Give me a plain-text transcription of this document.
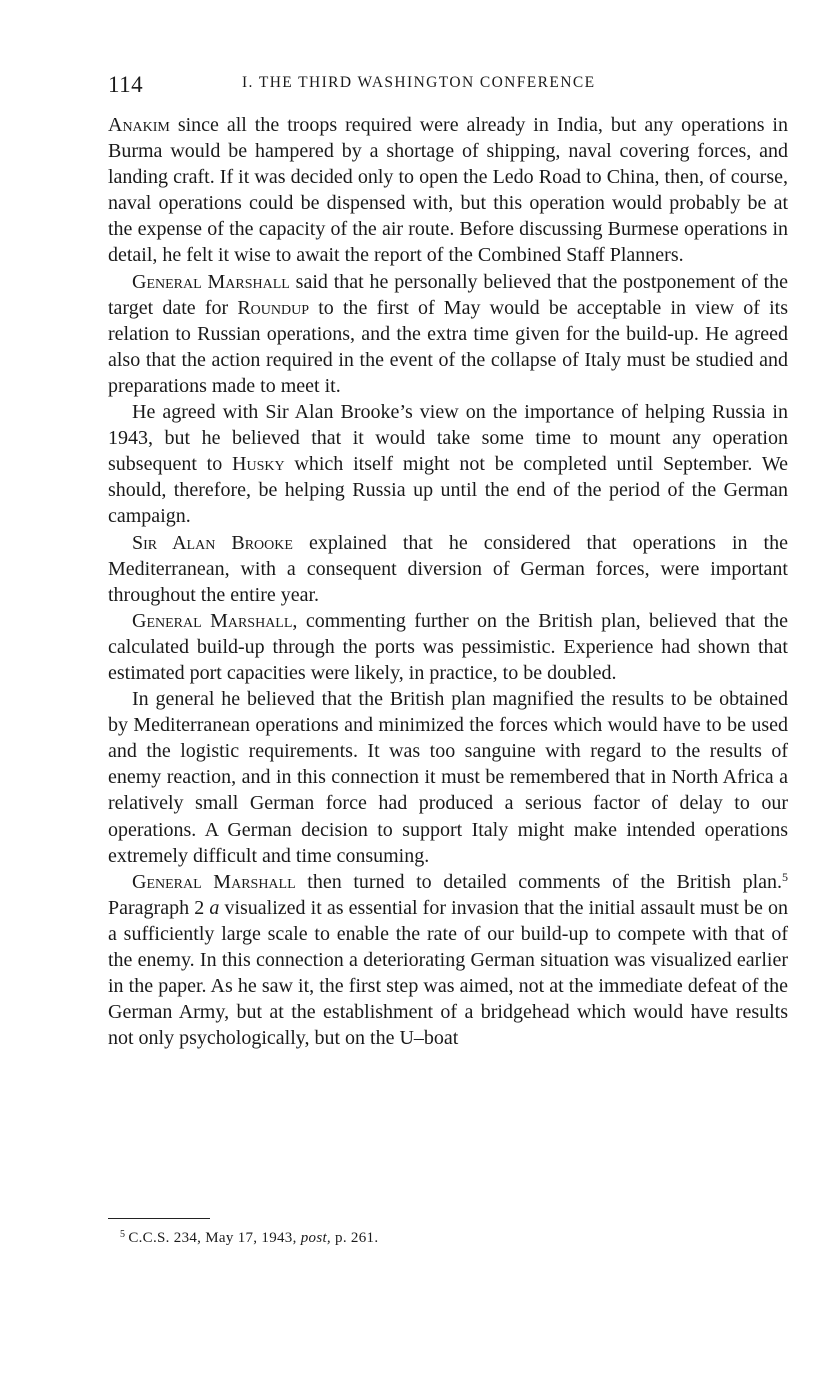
114	I. THE THIRD WASHINGTON CONFERENCE

Anakim since all the troops required were already in India, but any operations in Burma would be hampered by a shortage of shipping, naval covering forces, and landing craft. If it was decided only to open the Ledo Road to China, then, of course, naval operations could be dispensed with, but this operation would probably be at the expense of the capacity of the air route. Before discussing Burmese operations in detail, he felt it wise to await the report of the Combined Staff Planners.

General Marshall said that he personally believed that the postponement of the target date for Roundup to the first of May would be acceptable in view of its relation to Russian operations, and the extra time given for the build-up. He agreed also that the action required in the event of the collapse of Italy must be studied and preparations made to meet it.

He agreed with Sir Alan Brooke’s view on the importance of helping Russia in 1943, but he believed that it would take some time to mount any operation subsequent to Husky which itself might not be completed until September. We should, therefore, be helping Russia up until the end of the period of the German campaign.

Sir Alan Brooke explained that he considered that operations in the Mediterranean, with a consequent diversion of German forces, were important throughout the entire year.

General Marshall, commenting further on the British plan, believed that the calculated build-up through the ports was pessimistic. Experience had shown that estimated port capacities were likely, in practice, to be doubled.

In general he believed that the British plan magnified the results to be obtained by Mediterranean operations and minimized the forces which would have to be used and the logistic requirements. It was too sanguine with regard to the results of enemy reaction, and in this connection it must be remembered that in North Africa a relatively small German force had produced a serious factor of delay to our operations. A German decision to support Italy might make intended operations extremely difficult and time consuming.

General Marshall then turned to detailed comments of the British plan.$^5$ Paragraph 2 a visualized it as essential for invasion that the initial assault must be on a sufficiently large scale to enable the rate of our build-up to compete with that of the enemy. In this connection a deteriorating German situation was visualized earlier in the paper. As he saw it, the first step was aimed, not at the immediate defeat of the German Army, but at the establishment of a bridgehead which would have results not only psychologically, but on the U–boat

$^5$ C.C.S. 234, May 17, 1943, post, p. 261.
